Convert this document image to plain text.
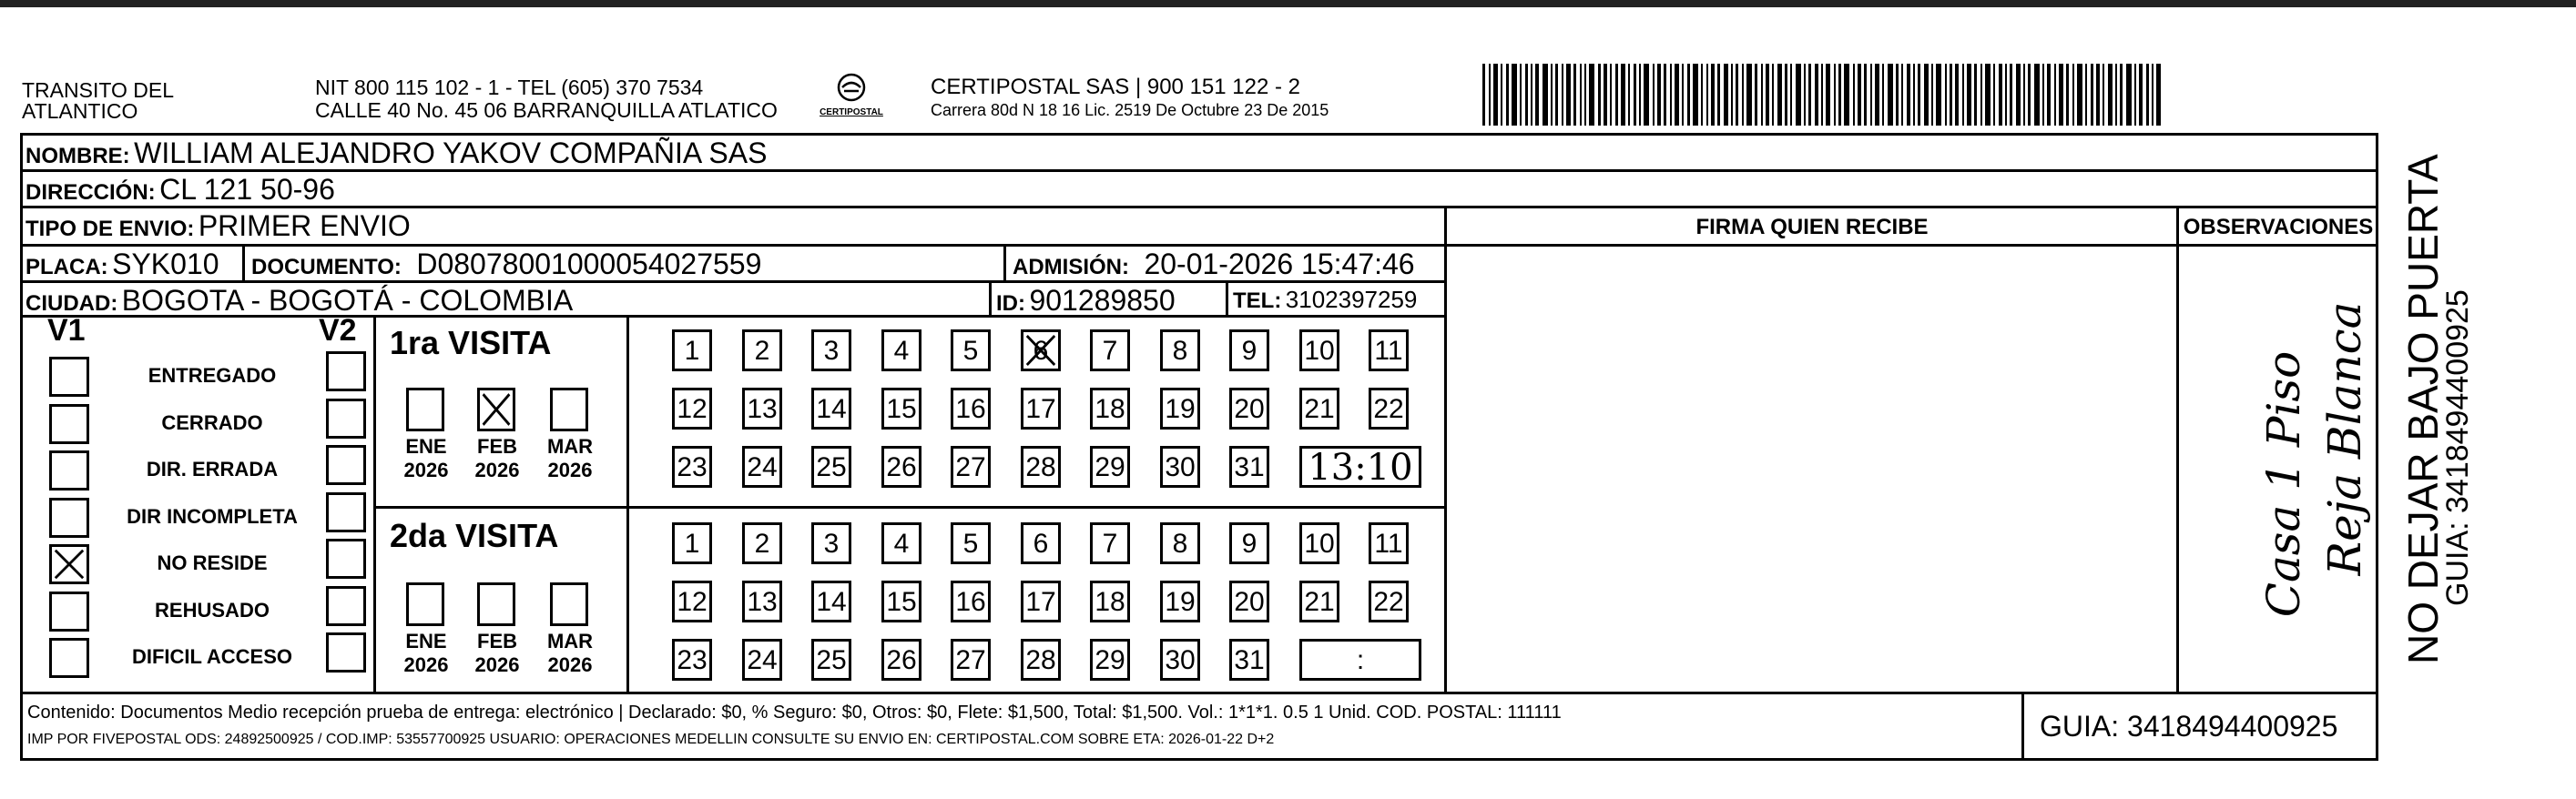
TRANSITO DEL
ATLANTICO
NIT 800 115 102 - 1 - TEL (605) 370 7534
CALLE 40 No. 45 06 BARRANQUILLA ATLATICO	CERTIPOSTAL
CERTIPOSTAL SAS | 900 151 122 - 2
Carrera 80d N 18 16 Lic. 2519 De Octubre 23 De 2015
NOMBRE: WILLIAM ALEJANDRO YAKOV COMPAÑIA SAS
DIRECCIÓN: CL 121 50-96
TIPO DE ENVIO: PRIMER ENVIO	FIRMA QUIEN RECIBE	OBSERVACIONES
PLACA: SYK010 DOCUMENTO: D08078001000054027559	ADMISIÓN: 20-01-2026 15:47:46
CIUDAD: BOGOTA - BOGOTÁ - COLOMBIA	ID: 901289850	TEL: 3102397259
V1	V2
ENTREGADO
CERRADO
DIR. ERRADA
DIR INCOMPLETA
NO RESIDE
REHUSADO
DIFICIL ACCESO
1ra VISITA
ENE
2026
FEB
2026
MAR
2026
1	2	3	4	5	6	7	8	9	10 11
12 13 14 15 16 17 18 19 20 21 22
23 24 25 26 27 28 29 30 31 13:10
2da VISITA
ENE
2026
FEB
2026
MAR
2026
1	2	3	4	5	6	7	8	9	10 11
12 13 14 15 16 17 18 19 20 21 22
23 24 25 26 27 28 29 30 31	:
Casa 1 Piso Reja Blanca NO DEJAR BAJO PUERTA
GUIA: 3418494400925
Contenido: Documentos Medio recepción prueba de entrega: electrónico | Declarado: $0, % Seguro: $0, Otros: $0, Flete: $1,500, Total: $1,500. Vol.: 1*1*1. 0.5 1 Unid. COD. POSTAL: 111111
IMP POR FIVEPOSTAL ODS: 24892500925 / COD.IMP: 53557700925 USUARIO: OPERACIONES MEDELLIN CONSULTE SU ENVIO EN: CERTIPOSTAL.COM SOBRE ETA: 2026-01-22 D+2	GUIA: 3418494400925
